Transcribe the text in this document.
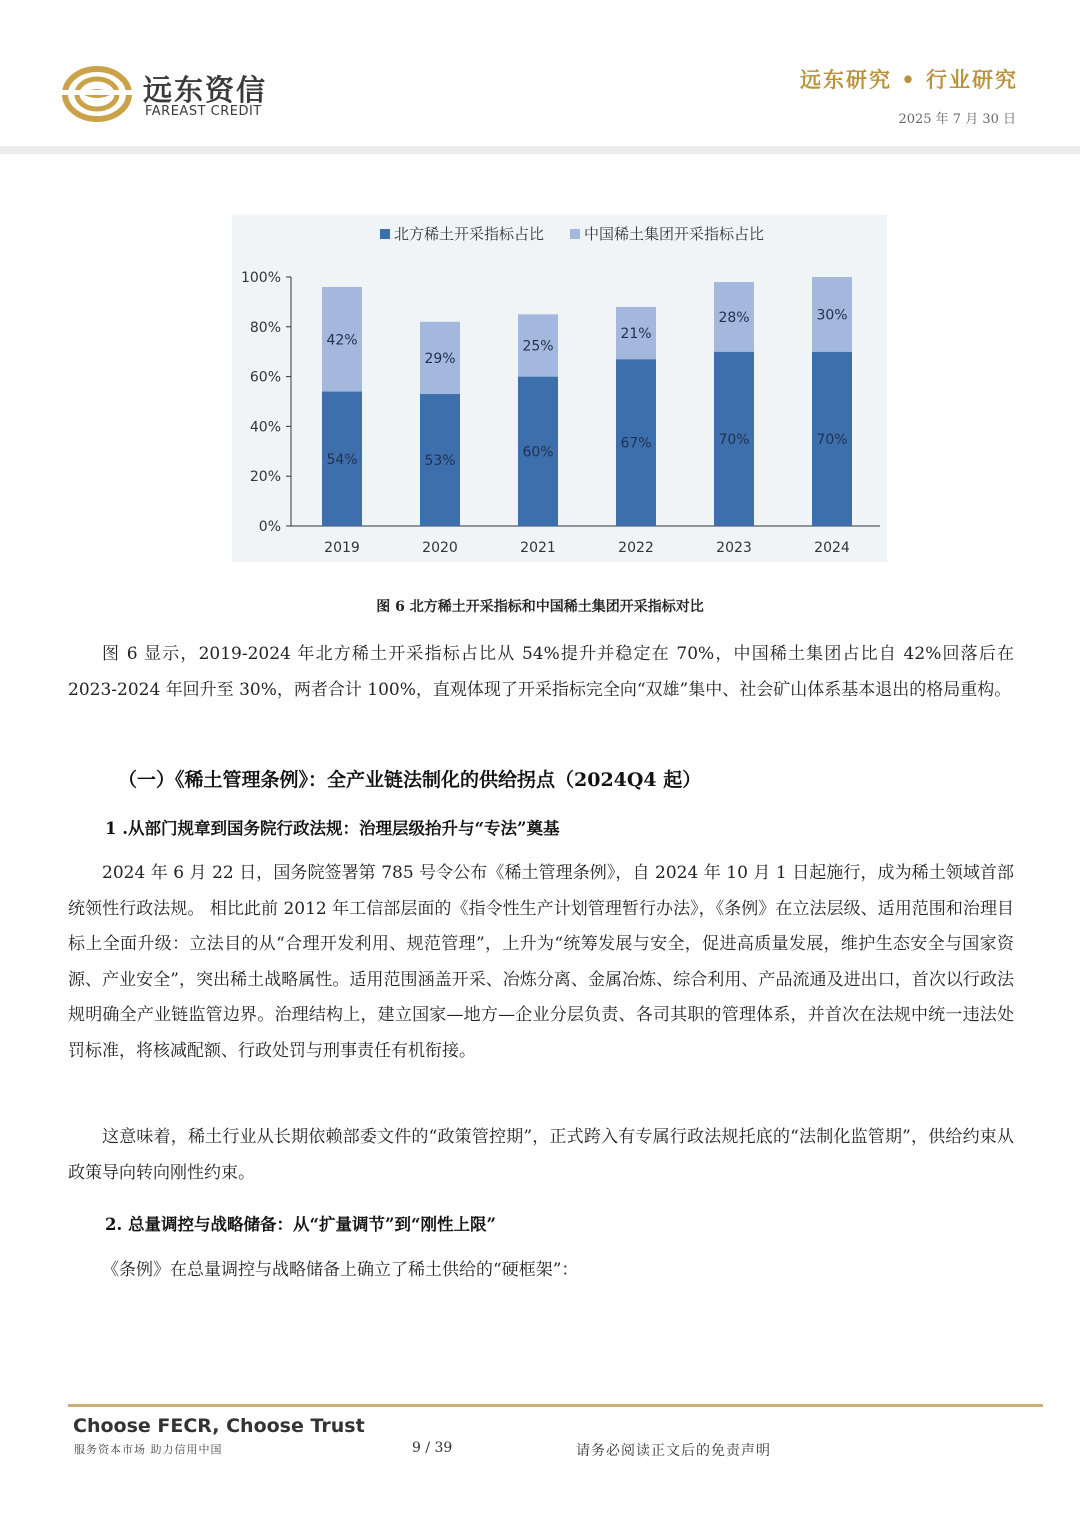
远东资信
FAREAST CREDIT
远东研究 • 行业研究
2025 年 7 月 30 日
北方稀土开采指标占比	中国稀土集团开采指标占比
0%
20%
40%
60%
80%
100%
54%
42%
2019
53%
29%
2020
60%
25%
2021
67%
21%
2022
70%
28%
2023
70%
30%
2024
图 6 北方稀土开采指标和中国稀土集团开采指标对比

图 6 显示，2019-2024 年北方稀土开采指标占比从 54%提升并稳定在 70%，中国稀土集团占比自 42%回落后在 2023-2024 年回升至 30%，两者合计 100%，直观体现了开采指标完全向“双雄”集中、社会矿山体系基本退出的格局重构。

（一）《稀土管理条例》：全产业链法制化的供给拐点（2024Q4 起）
1 .从部门规章到国务院行政法规：治理层级抬升与“专法”奠基

2024 年 6 月 22 日，国务院签署第 785 号令公布《稀土管理条例》，自 2024 年 10 月 1 日起施行，成为稀土领域首部统领性行政法规。 相比此前 2012 年工信部层面的《指令性生产计划管理暂行办法》，《条例》在立法层级、适用范围和治理目标上全面升级：立法目的从“合理开发利用、规范管理”，上升为“统筹发展与安全，促进高质量发展，维护生态安全与国家资源、产业安全”，突出稀土战略属性。适用范围涵盖开采、冶炼分离、金属冶炼、综合利用、产品流通及进出口，首次以行政法规明确全产业链监管边界。治理结构上，建立国家—地方—企业分层负责、各司其职的管理体系，并首次在法规中统一违法处罚标准，将核减配额、行政处罚与刑事责任有机衔接。

这意味着，稀土行业从长期依赖部委文件的“政策管控期”，正式跨入有专属行政法规托底的“法制化监管期”，供给约束从政策导向转向刚性约束。

2. 总量调控与战略储备：从“扩量调节”到“刚性上限”

《条例》在总量调控与战略储备上确立了稀土供给的“硬框架”：

Choose FECR, Choose Trust
服务资本市场 助力信用中国	9 / 39	请务必阅读正文后的免责声明
